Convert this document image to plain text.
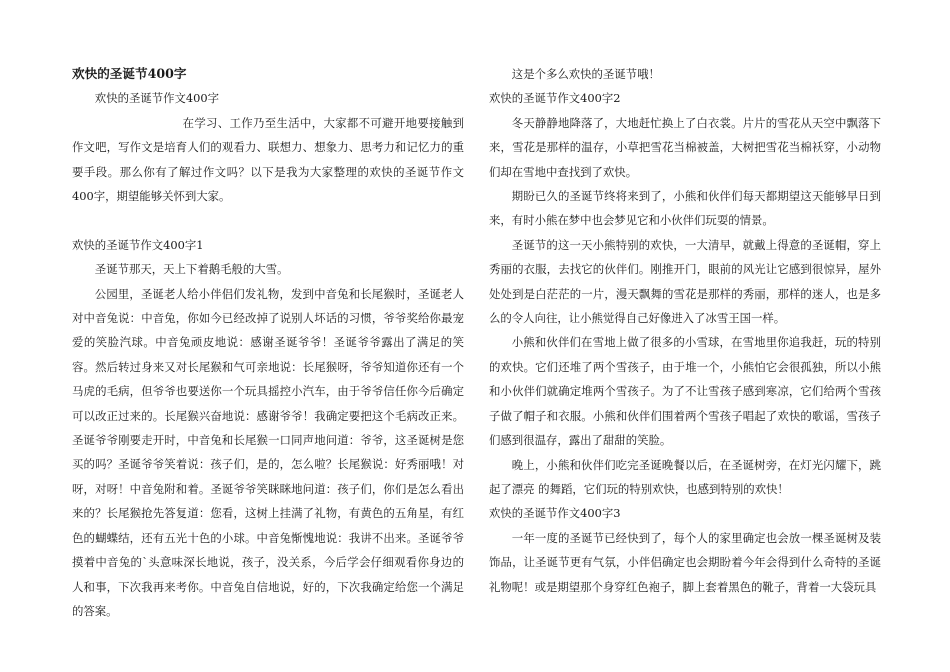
欢快的圣诞节400字

欢快的圣诞节作文400字

在学习、工作乃至生活中，大家都不可避开地要接触到作文吧，写作文是培育人们的观看力、联想力、想象力、思考力和记忆力的重要手段。那么你有了解过作文吗？以下是我为大家整理的欢快的圣诞节作文400字，期望能够关怀到大家。

欢快的圣诞节作文400字1

圣诞节那天，天上下着鹅毛般的大雪。

公园里，圣诞老人给小伴侣们发礼物，发到中音兔和长尾猴时，圣诞老人对中音兔说：中音兔，你如今已经改掉了说别人坏话的习惯，爷爷奖给你最宠爱的笑脸汽球。中音兔顽皮地说：感谢圣诞爷爷！圣诞爷爷露出了满足的笑容。然后转过身来又对长尾猴和气可亲地说：长尾猴呀，爷爷知道你还有一个马虎的毛病，但爷爷也要送你一个玩具摇控小汽车，由于爷爷信任你今后确定可以改正过来的。长尾猴兴奋地说：感谢爷爷！我确定要把这个毛病改正来。圣诞爷爷刚要走开时，中音兔和长尾猴一口同声地问道：爷爷，这圣诞树是您买的吗？圣诞爷爷笑着说：孩子们，是的，怎么啦？长尾猴说：好秀丽哦！对呀，对呀！中音兔附和着。圣诞爷爷笑眯眯地问道：孩子们，你们是怎么看出来的？长尾猴抢先答复道：您看，这树上挂满了礼物，有黄色的五角星，有红色的蝴蝶结，还有五光十色的小球。中音兔惭愧地说：我讲不出来。圣诞爷爷摸着中音兔的`头意味深长地说，孩子，没关系，今后学会仔细观看你身边的人和事，下次我再来考你。中音兔自信地说，好的，下次我确定给您一个满足的答案。

这是个多么欢快的圣诞节哦！

欢快的圣诞节作文400字2

冬天静静地降落了，大地赶忙换上了白衣裳。片片的雪花从天空中飘落下来，雪花是那样的温存，小草把雪花当棉被盖，大树把雪花当棉袄穿，小动物们却在雪地中查找到了欢快。

期盼已久的圣诞节终将来到了，小熊和伙伴们每天都期望这天能够早日到来，有时小熊在梦中也会梦见它和小伙伴们玩耍的情景。

圣诞节的这一天小熊特别的欢快，一大清早，就戴上得意的圣诞帽，穿上秀丽的衣服，去找它的伙伴们。刚推开门，眼前的风光让它感到很惊异，屋外处处到是白茫茫的一片，漫天飘舞的雪花是那样的秀丽，那样的迷人，也是多么的令人向往，让小熊觉得自己好像进入了冰雪王国一样。

小熊和伙伴们在雪地上做了很多的小雪球，在雪地里你追我赶，玩的特别的欢快。它们还堆了两个雪孩子，由于堆一个，小熊怕它会很孤独，所以小熊和小伙伴们就确定堆两个雪孩子。为了不让雪孩子感到寒凉，它们给两个雪孩子做了帽子和衣服。小熊和伙伴们围着两个雪孩子唱起了欢快的歌谣，雪孩子们感到很温存，露出了甜甜的笑脸。

晚上，小熊和伙伴们吃完圣诞晚餐以后，在圣诞树旁，在灯光闪耀下，跳起了漂亮 的舞蹈，它们玩的特别欢快，也感到特别的欢快！

欢快的圣诞节作文400字3

一年一度的圣诞节已经快到了，每个人的家里确定也会放一棵圣诞树及装饰品，让圣诞节更有气氛，小伴侣确定也会期盼着今年会得到什么奇特的圣诞礼物呢！或是期望那个身穿红色袍子，脚上套着黑色的靴子，背着一大袋玩具
